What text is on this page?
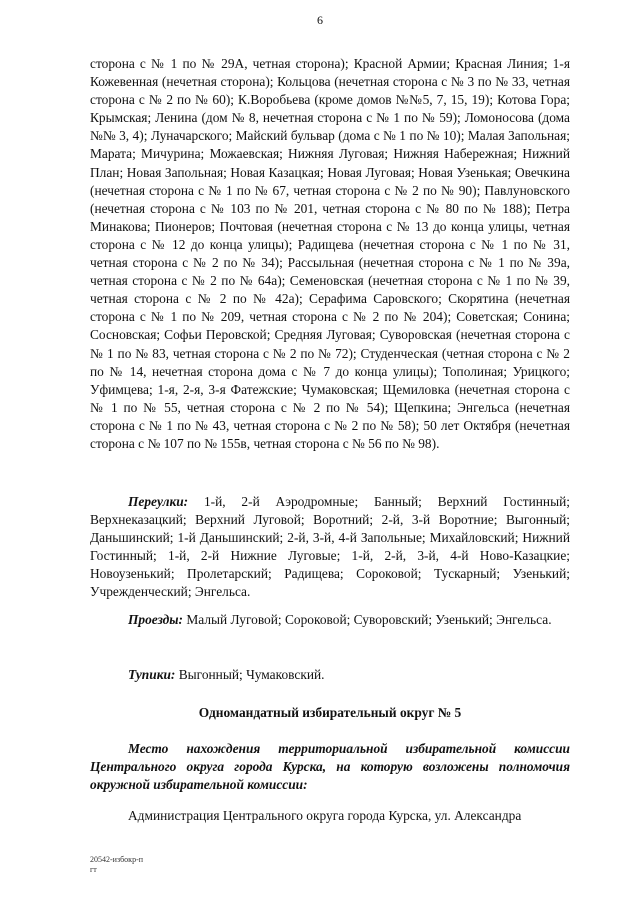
6

сторона с № 1 по № 29А, четная сторона); Красной Армии; Красная Линия; 1-я Кожевенная (нечетная сторона); Кольцова (нечетная сторона с № 3 по № 33, четная сторона с № 2 по № 60); К.Воробьева (кроме домов №№5, 7, 15, 19); Котова Гора; Крымская; Ленина (дом № 8, нечетная сторона с № 1 по № 59); Ломоносова (дома №№ 3, 4); Луначарского; Майский бульвар (дома с № 1 по № 10); Малая Запольная; Марата; Мичурина; Можаевская; Нижняя Луговая; Нижняя Набережная; Нижний План; Новая Запольная; Новая Казацкая; Новая Луговая; Новая Узенькая; Овечкина (нечетная сторона с № 1 по № 67, четная сторона с № 2 по № 90); Павлуновского (нечетная сторона с № 103 по № 201, четная сторона с № 80 по № 188); Петра Минакова; Пионеров; Почтовая (нечетная сторона с № 13 до конца улицы, четная сторона с № 12 до конца улицы); Радищева (нечетная сторона с № 1 по № 31, четная сторона с № 2 по № 34); Рассыльная (нечетная сторона с № 1 по № 39а, четная сторона с № 2 по № 64а); Семеновская (нечетная сторона с № 1 по № 39, четная сторона с № 2 по № 42а); Серафима Саровского; Скорятина (нечетная сторона с № 1 по № 209, четная сторона с № 2 по № 204); Советская; Сонина; Сосновская; Софьи Перовской; Средняя Луговая; Суворовская (нечетная сторона с № 1 по № 83, четная сторона с № 2 по № 72); Студенческая (четная сторона с № 2 по № 14, нечетная сторона дома с № 7 до конца улицы); Тополиная; Урицкого; Уфимцева; 1-я, 2-я, 3-я Фатежские; Чумаковская; Щемиловка (нечетная сторона с № 1 по № 55, четная сторона с № 2 по № 54); Щепкина; Энгельса (нечетная сторона с № 1 по № 43, четная сторона с № 2 по № 58); 50 лет Октября (нечетная сторона с № 107 по № 155в, четная сторона с № 56 по № 98).

Переулки: 1-й, 2-й Аэродромные; Банный; Верхний Гостинный; Верхнеказацкий; Верхний Луговой; Воротний; 2-й, 3-й Воротние; Выгонный; Даньшинский; 1-й Даньшинский; 2-й, 3-й, 4-й Запольные; Михайловский; Нижний Гостинный; 1-й, 2-й Нижние Луговые; 1-й, 2-й, 3-й, 4-й Ново-Казацкие; Новоузенький; Пролетарский; Радищева; Сороковой; Тускарный; Узенький; Учрежденческий; Энгельса.

Проезды: Малый Луговой; Сороковой; Суворовский; Узенький; Энгельса.

Тупики: Выгонный; Чумаковский.

Одномандатный избирательный округ № 5

Место нахождения территориальной избирательной комиссии Центрального округа города Курска, на которую возложены полномочия окружной избирательной комиссии:

Администрация Центрального округа города Курска, ул. Александра
20542-избокр-п
гт
